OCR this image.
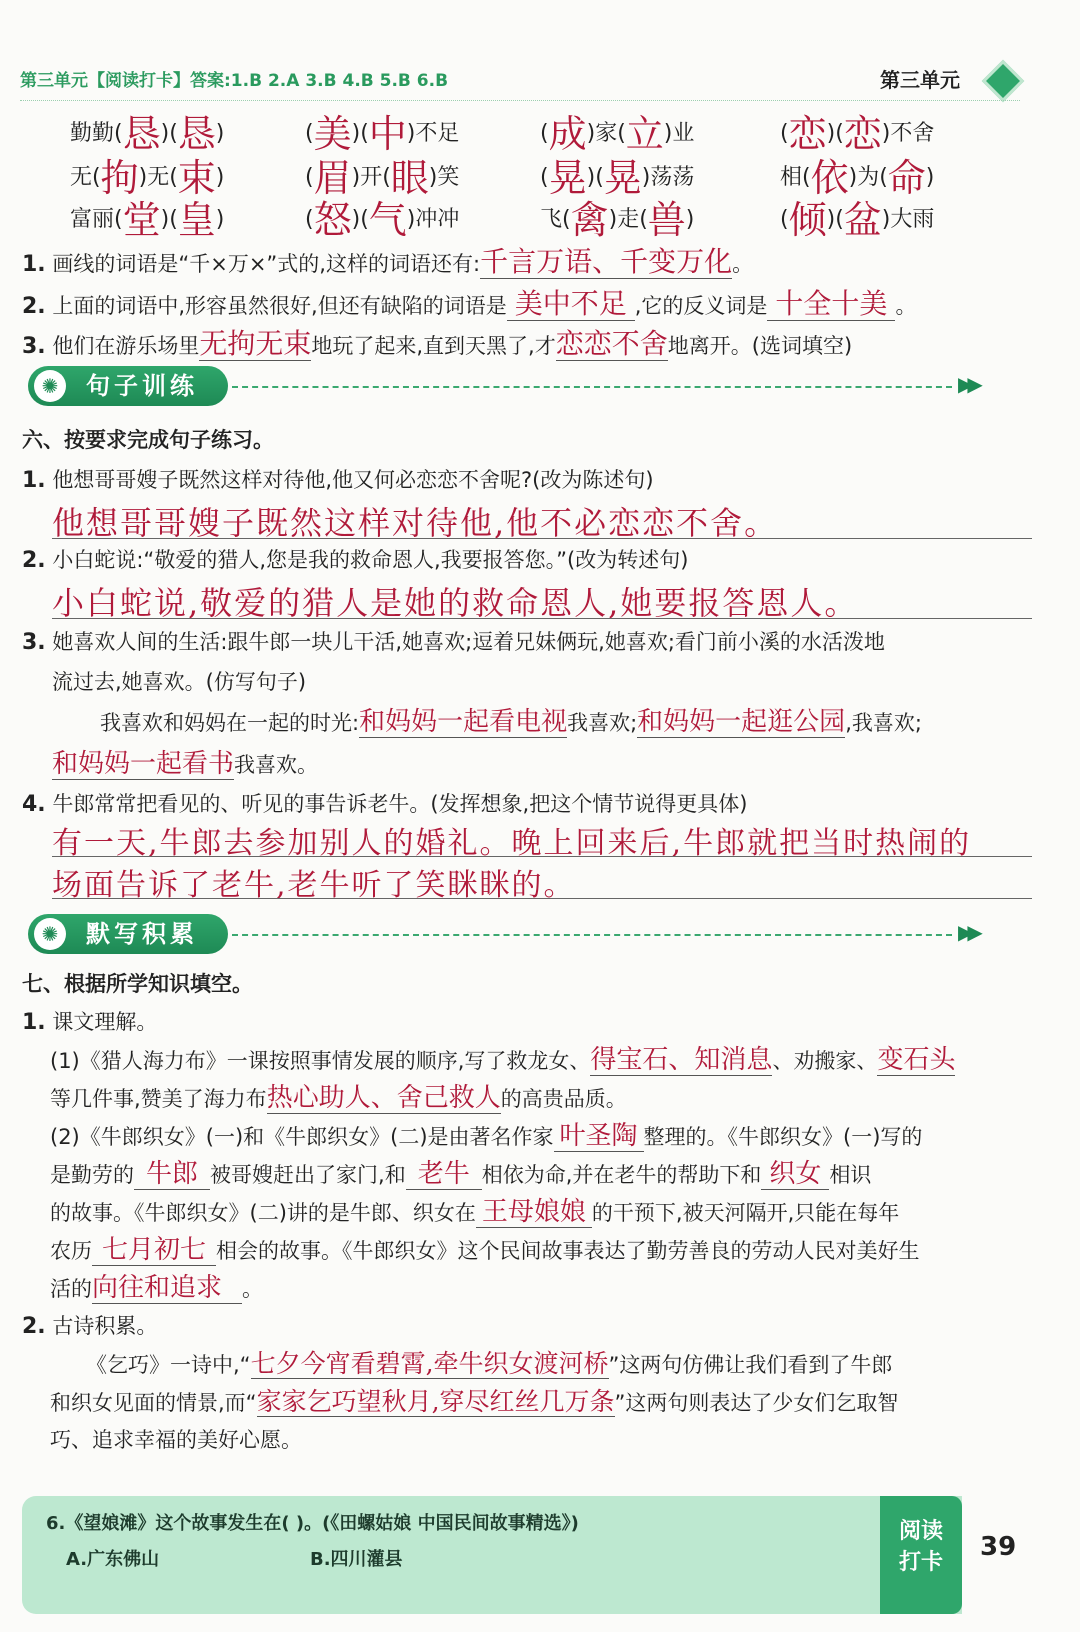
第三单元【阅读打卡】答案:1.B 2.A 3.B 4.B 5.B 6.B	第三单元
勤勤(恳)(恳)	(美)(中)不足	(成)家(立)业	(恋)(恋)不舍
无(拘)无(束)	(眉)开(眼)笑	(晃)(晃)荡荡	相(依)为(命)
富丽(堂)(皇)	(怒)(气)冲冲	飞(禽)走(兽)	(倾)(盆)大雨
1. 画线的词语是“千×万×”式的,这样的词语还有:千言万语、千变万化。
2. 上面的词语中,形容虽然很好,但还有缺陷的词语是 美中不足 ,它的反义词是 十全十美 。
3. 他们在游乐场里无拘无束地玩了起来,直到天黑了,才恋恋不舍地离开。(选词填空)
✺	句子训练	▶▶
六、按要求完成句子练习。
1. 他想哥哥嫂子既然这样对待他,他又何必恋恋不舍呢?(改为陈述句)
他想哥哥嫂子既然这样对待他,他不必恋恋不舍。
2. 小白蛇说:“敬爱的猎人,您是我的救命恩人,我要报答您。”(改为转述句)
小白蛇说,敬爱的猎人是她的救命恩人,她要报答恩人。
3. 她喜欢人间的生活:跟牛郎一块儿干活,她喜欢;逗着兄妹俩玩,她喜欢;看门前小溪的水活泼地
流过去,她喜欢。(仿写句子)
我喜欢和妈妈在一起的时光:和妈妈一起看电视我喜欢;和妈妈一起逛公园,我喜欢;
和妈妈一起看书我喜欢。
4. 牛郎常常把看见的、听见的事告诉老牛。(发挥想象,把这个情节说得更具体)
有一天,牛郎去参加别人的婚礼。晚上回来后,牛郎就把当时热闹的
场面告诉了老牛,老牛听了笑眯眯的。
✺	默写积累	▶▶
七、根据所学知识填空。
1. 课文理解。
(1)《猎人海力布》一课按照事情发展的顺序,写了救龙女、得宝石、知消息、劝搬家、变石头
等几件事,赞美了海力布热心助人、舍己救人的高贵品质。
(2)《牛郎织女》(一)和《牛郎织女》(二)是由著名作家 叶圣陶 整理的。《牛郎织女》(一)写的
是勤劳的 牛郎 被哥嫂赶出了家门,和 老牛 相依为命,并在老牛的帮助下和 织女 相识
的故事。《牛郎织女》(二)讲的是牛郎、织女在 王母娘娘 的干预下,被天河隔开,只能在每年
农历 七月初七 相会的故事。《牛郎织女》这个民间故事表达了勤劳善良的劳动人民对美好生
活的向往和追求 。
2. 古诗积累。
《乞巧》一诗中,“七夕今宵看碧霄,牵牛织女渡河桥”这两句仿佛让我们看到了牛郎
和织女见面的情景,而“家家乞巧望秋月,穿尽红丝几万条”这两句则表达了少女们乞取智
巧、追求幸福的美好心愿。
6.《望娘滩》这个故事发生在( )。(《田螺姑娘 中国民间故事精选》)
A.广东佛山	B.四川灌县
阅读
打卡
39
